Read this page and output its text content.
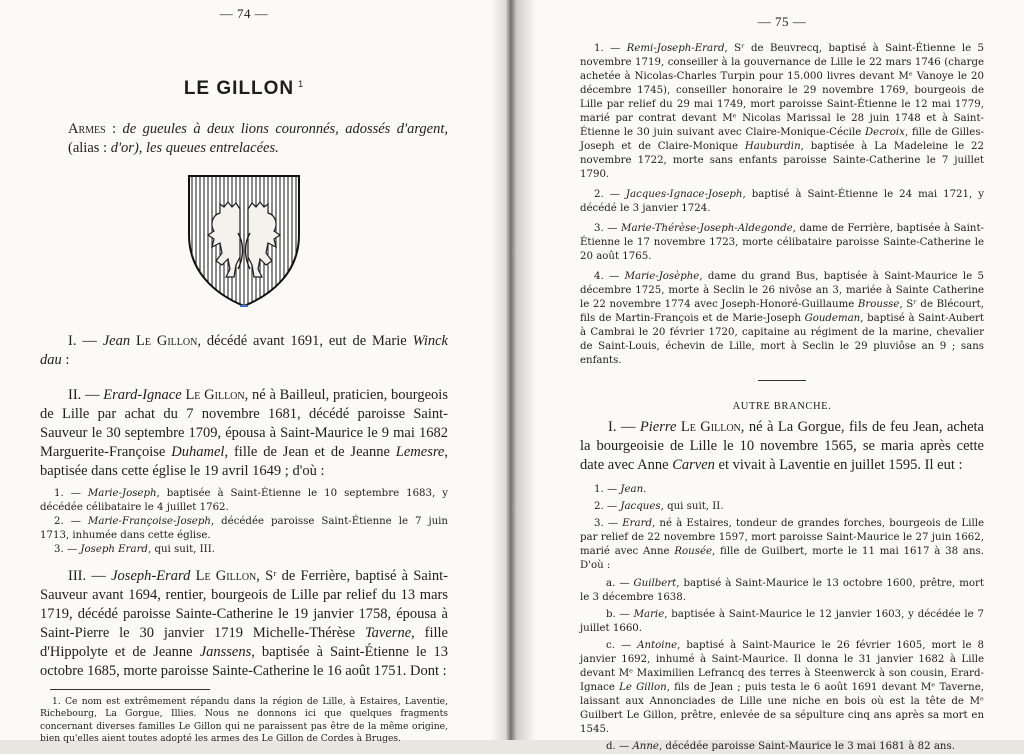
— 74 —
LE GILLON $^1$

Armes : de gueules à deux lions couronnés, adossés d'argent, (alias : d'or), les queues entrelacées.

I. — Jean Le Gillon, décédé avant 1691, eut de Marie Winck dau :

II. — Erard-Ignace Le Gillon, né à Bailleul, praticien, bourgeois de Lille par achat du 7 novembre 1681, décédé paroisse Saint-Sauveur le 30 septembre 1709, épousa à Saint-Maurice le 9 mai 1682 Marguerite-Françoise Duhamel, fille de Jean et de Jeanne Lemesre, baptisée dans cette église le 19 avril 1649 ; d'où :

1. — Marie-Joseph, baptisée à Saint-Étienne le 10 septembre 1683, y décédée célibataire le 4 juillet 1762.

2. — Marie-Françoise-Joseph, décédée paroisse Saint-Étienne le 7 juin 1713, inhumée dans cette église.

3. — Joseph Erard, qui suit, III.

III. — Joseph-Erard Le Gillon, Sʳ de Ferrière, baptisé à Saint-Sauveur avant 1694, rentier, bourgeois de Lille par relief du 13 mars 1719, décédé paroisse Sainte-Catherine le 19 janvier 1758, épousa à Saint-Pierre le 30 janvier 1719 Michelle-Thérèse Taverne, fille d'Hippolyte et de Jeanne Janssens, baptisée à Saint-Étienne le 13 octobre 1685, morte paroisse Sainte-Catherine le 16 août 1751. Dont :

1. Ce nom est extrêmement répandu dans la région de Lille, à Estaires, Laventie, Richebourg, La Gorgue, Illies. Nous ne donnons ici que quelques fragments concernant diverses familles Le Gillon qui ne paraissent pas être de la même origine, bien qu'elles aient toutes adopté les armes des Le Gillon de Cordes à Bruges.

— 75 —

1. — Remi-Joseph-Erard, Sʳ de Beuvrecq, baptisé à Saint-Étienne le 5 novembre 1719, conseiller à la gouvernance de Lille le 22 mars 1746 (charge achetée à Nicolas-Charles Turpin pour 15.000 livres devant Mᵉ Vanoye le 20 décembre 1745), conseiller honoraire le 29 novembre 1769, bourgeois de Lille par relief du 29 mai 1749, mort paroisse Saint-Étienne le 12 mai 1779, marié par contrat devant Mᵉ Nicolas Marissal le 28 juin 1748 et à Saint-Étienne le 30 juin suivant avec Claire-Monique-Cécile Decroix, fille de Gilles-Joseph et de Claire-Monique Hauburdin, baptisée à La Madeleine le 22 novembre 1722, morte sans enfants paroisse Sainte-Catherine le 7 juillet 1790.

2. — Jacques-Ignace-Joseph, baptisé à Saint-Étienne le 24 mai 1721, y décédé le 3 janvier 1724.

3. — Marie-Thérèse-Joseph-Aldegonde, dame de Ferrière, baptisée à Saint-Étienne le 17 novembre 1723, morte célibataire paroisse Sainte-Catherine le 20 août 1765.

4. — Marie-Josèphe, dame du grand Bus, baptisée à Saint-Maurice le 5 décembre 1725, morte à Seclin le 26 nivôse an 3, mariée à Sainte Catherine le 22 novembre 1774 avec Joseph-Honoré-Guillaume Brousse, Sʳ de Blécourt, fils de Martin-François et de Marie-Joseph Goudeman, baptisé à Saint-Aubert à Cambrai le 20 février 1720, capitaine au régiment de la marine, chevalier de Saint-Louis, échevin de Lille, mort à Seclin le 29 pluviôse an 9 ; sans enfants.

AUTRE BRANCHE.

I. — Pierre Le Gillon, né à La Gorgue, fils de feu Jean, acheta la bourgeoisie de Lille le 10 novembre 1565, se maria après cette date avec Anne Carven et vivait à Laventie en juillet 1595. Il eut :

1. — Jean.

2. — Jacques, qui suit, II.

3. — Erard, né à Estaires, tondeur de grandes forches, bourgeois de Lille par relief de 22 novembre 1597, mort paroisse Saint-Maurice le 27 juin 1662, marié avec Anne Rousée, fille de Guilbert, morte le 11 mai 1617 à 38 ans. D'où :

a. — Guilbert, baptisé à Saint-Maurice le 13 octobre 1600, prêtre, mort le 3 décembre 1638.

b. — Marie, baptisée à Saint-Maurice le 12 janvier 1603, y décédée le 7 juillet 1660.

c. — Antoine, baptisé à Saint-Maurice le 26 février 1605, mort le 8 janvier 1692, inhumé à Saint-Maurice. Il donna le 31 janvier 1682 à Lille devant Mᵉ Maximilien Lefrancq des terres à Steenwerck à son cousin, Erard-Ignace Le Gillon, fils de Jean ; puis testa le 6 août 1691 devant Mᵉ Taverne, laissant aux Annonciades de Lille une niche en bois où est la tête de Mᵉ Guilbert Le Gillon, prêtre, enlevée de sa sépulture cinq ans après sa mort en 1545.

d. — Anne, décédée paroisse Saint-Maurice le 3 mai 1681 à 82 ans.
